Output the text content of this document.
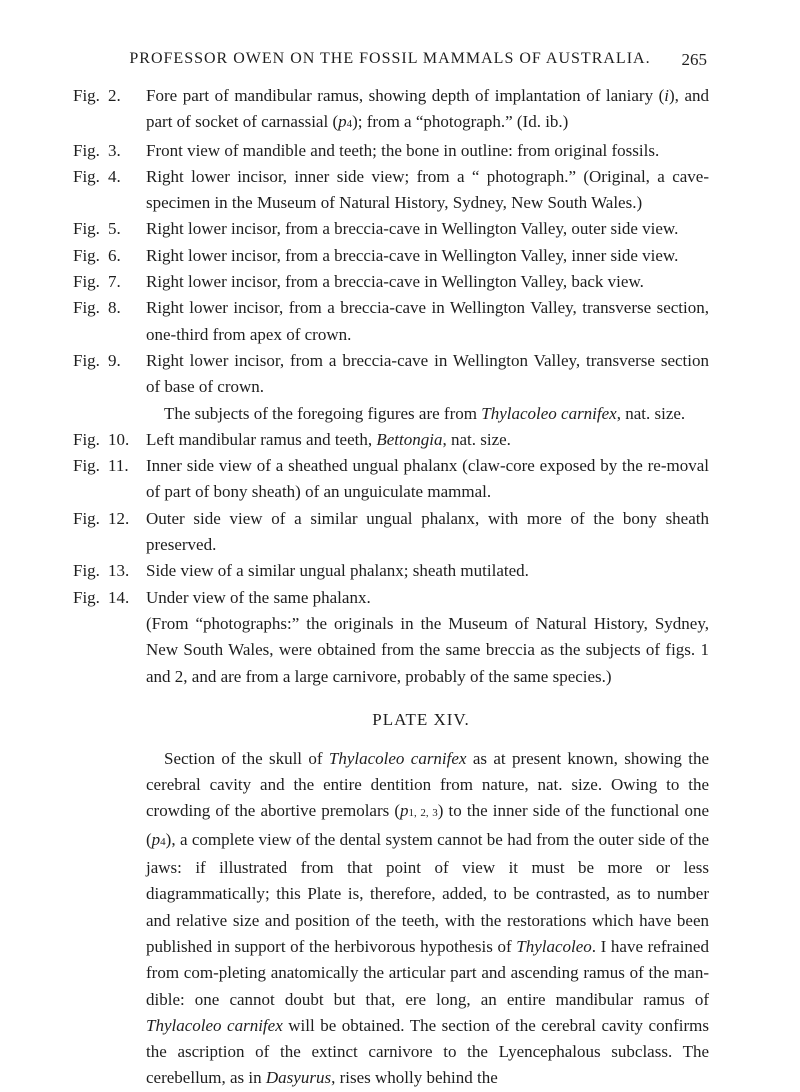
PROFESSOR OWEN ON THE FOSSIL MAMMALS OF AUSTRALIA.	265
Fig. 2.	Fore part of mandibular ramus, showing depth of implantation of laniary (i), and part of socket of carnassial (p4); from a “photograph.” (Id. ib.)
Fig. 3.	Front view of mandible and teeth; the bone in outline: from original fossils.
Fig. 4.	Right lower incisor, inner side view; from a “ photograph.” (Original, a cave-specimen in the Museum of Natural History, Sydney, New South Wales.)
Fig. 5.	Right lower incisor, from a breccia-cave in Wellington Valley, outer side view.
Fig. 6.	Right lower incisor, from a breccia-cave in Wellington Valley, inner side view.
Fig. 7.	Right lower incisor, from a breccia-cave in Wellington Valley, back view.
Fig. 8.	Right lower incisor, from a breccia-cave in Wellington Valley, transverse section, one-third from apex of crown.
Fig. 9.	Right lower incisor, from a breccia-cave in Wellington Valley, transverse section of base of crown.
The subjects of the foregoing figures are from Thylacoleo carnifex, nat. size.
Fig. 10. Left mandibular ramus and teeth, Bettongia, nat. size.
Fig. 11.	Inner side view of a sheathed ungual phalanx (claw-core exposed by the re-moval of part of bony sheath) of an unguiculate mammal.
Fig. 12. Outer side view of a similar ungual phalanx, with more of the bony sheath preserved.
Fig. 13. Side view of a similar ungual phalanx; sheath mutilated.
Fig. 14. Under view of the same phalanx.
(From “photographs:” the originals in the Museum of Natural History, Sydney, New South Wales, were obtained from the same breccia as the subjects of figs. 1 and 2, and are from a large carnivore, probably of the same species.)
PLATE XIV.
Section of the skull of Thylacoleo carnifex as at present known, showing the cerebral cavity and the entire dentition from nature, nat. size. Owing to the crowding of the abortive premolars (p1, 2, 3) to the inner side of the functional one (p4), a complete view of the dental system cannot be had from the outer side of the jaws: if illustrated from that point of view it must be more or less diagrammatically; this Plate is, therefore, added, to be contrasted, as to number and relative size and position of the teeth, with the restorations which have been published in support of the herbivorous hypothesis of Thylacoleo. I have refrained from com-pleting anatomically the articular part and ascending ramus of the man-dible: one cannot doubt but that, ere long, an entire mandibular ramus of Thylacoleo carnifex will be obtained. The section of the cerebral cavity confirms the ascription of the extinct carnivore to the Lyencephalous subclass. The cerebellum, as in Dasyurus, rises wholly behind the
